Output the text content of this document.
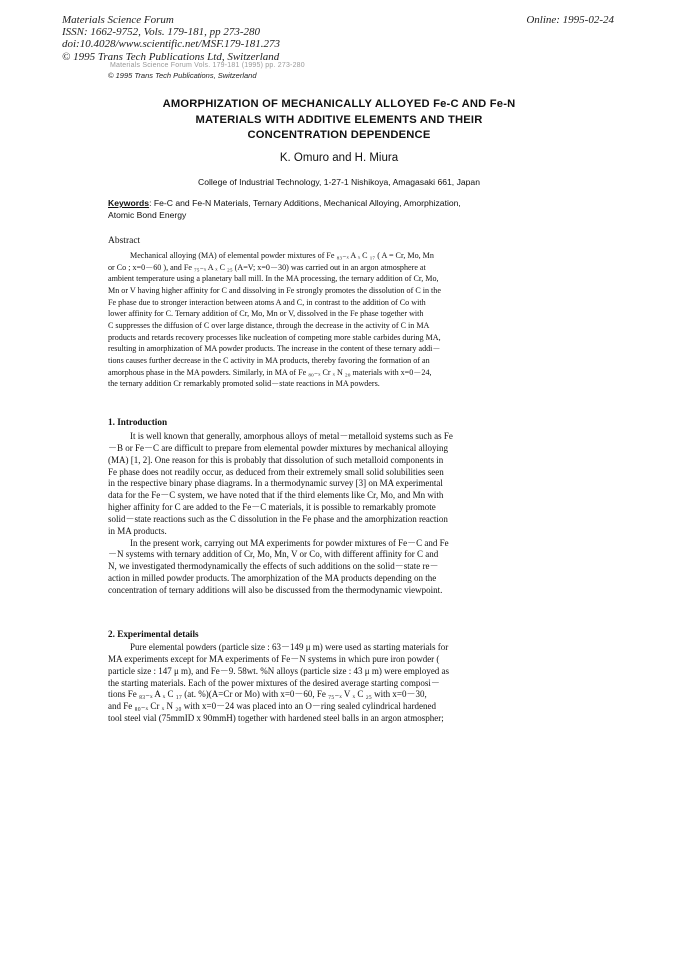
Materials Science Forum
ISSN: 1662-9752, Vols. 179-181, pp 273-280
doi:10.4028/www.scientific.net/MSF.179-181.273
© 1995 Trans Tech Publications Ltd, Switzerland
Online: 1995-02-24
Materials Science Forum Vols. 179-181 (1995) pp. 273-280
© 1995 Trans Tech Publications, Switzerland
AMORPHIZATION OF MECHANICALLY ALLOYED Fe-C AND Fe-N
MATERIALS WITH ADDITIVE ELEMENTS AND THEIR
CONCENTRATION DEPENDENCE
K. Omuro and H. Miura
College of Industrial Technology, 1-27-1 Nishikoya, Amagasaki 661, Japan
Keywords: Fe-C and Fe-N Materials, Ternary Additions, Mechanical Alloying, Amorphization,
Atomic Bond Energy
Abstract
Mechanical alloying (MA) of elemental powder mixtures of Fe ₈₃₋ₓ A ₓ C ₁₇ ( A = Cr, Mo, Mn
or Co ; x=0－60 ), and Fe ₇₅₋ₓ A ₓ C ₂₅ (A=V; x=0－30) was carried out in an argon atmosphere at
ambient temperature using a planetary ball mill. In the MA processing, the ternary addition of Cr, Mo,
Mn or V having higher affinity for C and dissolving in Fe strongly promotes the dissolution of C in the
Fe phase due to stronger interaction between atoms A and C, in contrast to the addition of Co with
lower affinity for C. Ternary addition of Cr, Mo, Mn or V, dissolved in the Fe phase together with
C suppresses the diffusion of C over large distance, through the decrease in the activity of C in MA
products and retards recovery processes like nucleation of competing more stable carbides during MA,
resulting in amorphization of MA powder products. The increase in the content of these ternary addi－
tions causes further decrease in the C activity in MA products, thereby favoring the formation of an
amorphous phase in the MA powders. Similarly, in MA of Fe ₈₀₋ₓ Cr ₓ N ₂₀ materials with x=0－24,
the ternary addition Cr remarkably promoted solid－state reactions in MA powders.
1. Introduction
It is well known that generally, amorphous alloys of metal－metalloid systems such as Fe
－B or Fe－C are difficult to prepare from elemental powder mixtures by mechanical alloying
(MA) [1, 2]. One reason for this is probably that dissolution of such metalloid components in
Fe phase does not readily occur, as deduced from their extremely small solid solubilities seen
in the respective binary phase diagrams. In a thermodynamic survey [3] on MA experimental
data for the Fe－C system, we have noted that if the third elements like Cr, Mo, and Mn with
higher affinity for C are added to the Fe－C materials, it is possible to remarkably promote
solid－state reactions such as the C dissolution in the Fe phase and the amorphization reaction
in MA products.
In the present work, carrying out MA experiments for powder mixtures of Fe－C and Fe
－N systems with ternary addition of Cr, Mo, Mn, V or Co, with different affinity for C and
N, we investigated thermodynamically the effects of such additions on the solid－state re－
action in milled powder products. The amorphization of the MA products depending on the
concentration of ternary additions will also be discussed from the thermodynamic viewpoint.
2. Experimental details
Pure elemental powders (particle size : 63－149 μ m) were used as starting materials for
MA experiments except for MA experiments of Fe－N systems in which pure iron powder (
particle size : 147 μ m), and Fe－9. 58wt. %N alloys (particle size : 43 μ m) were employed as
the starting materials. Each of the power mixtures of the desired average starting composi－
tions Fe ₈₃₋ₓ A ₓ C ₁₇ (at. %)(A=Cr or Mo) with x=0－60, Fe ₇₅₋ₓ V ₓ C ₂₅ with x=0－30,
and Fe ₈₀₋ₓ Cr ₓ N ₂₀ with x=0－24 was placed into an O－ring sealed cylindrical hardened
tool steel vial (75mmID x 90mmH) together with hardened steel balls in an argon atmospher;
